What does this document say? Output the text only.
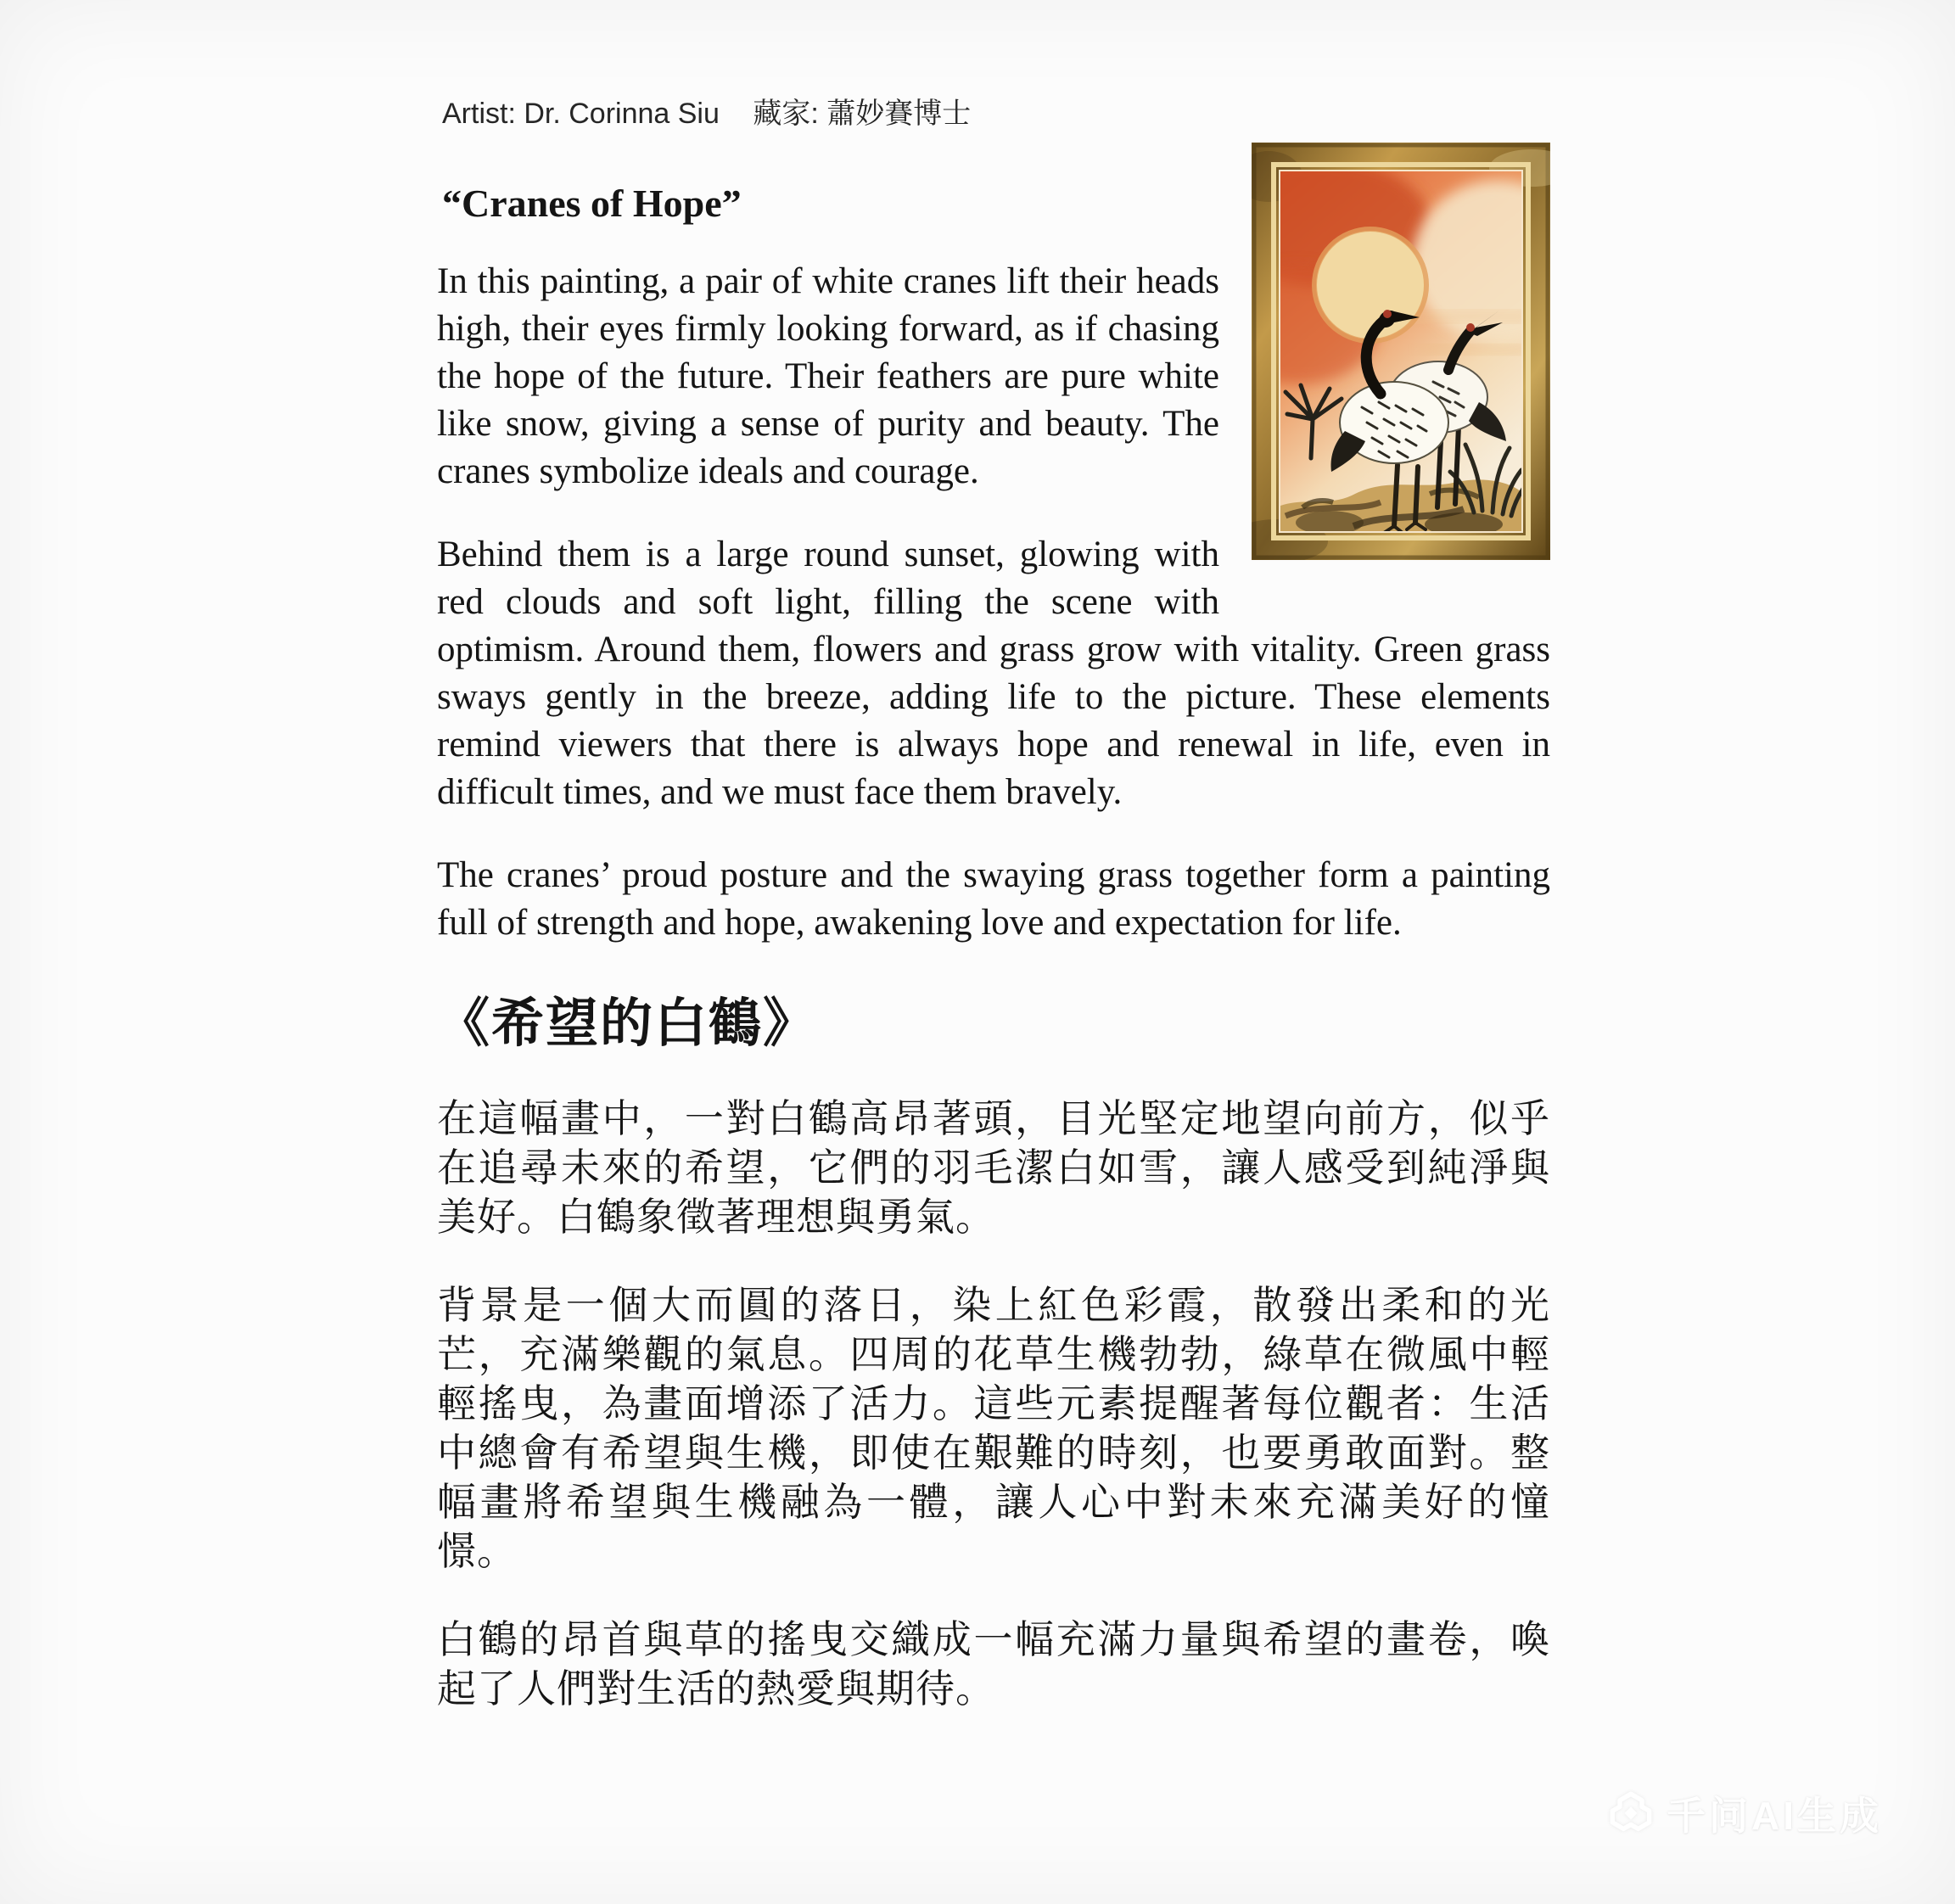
Artist: Dr. Corinna Siu 藏家: 蕭妙賽博士
“Cranes of Hope”

In this painting, a pair of white cranes lift their heads high, their eyes firmly looking forward, as if chasing the hope of the future. Their feathers are pure white like snow, giving a sense of purity and beauty. The cranes symbolize ideals and courage.

Behind them is a large round sunset, glowing with red clouds and soft light, filling the scene with optimism. Around them, flowers and grass grow with vitality. Green grass sways gently in the breeze, adding life to the picture. These elements remind viewers that there is always hope and renewal in life, even in difficult times, and we must face them bravely.

The cranes’ proud posture and the swaying grass together form a painting full of strength and hope, awakening love and expectation for life.

《希望的白鶴》

在這幅畫中，一對白鶴高昂著頭，目光堅定地望向前方，似乎在追尋未來的希望，它們的羽毛潔白如雪，讓人感受到純淨與美好。白鶴象徵著理想與勇氣。

背景是一個大而圓的落日，染上紅色彩霞，散發出柔和的光芒，充滿樂觀的氣息。四周的花草生機勃勃，綠草在微風中輕輕搖曳，為畫面增添了活力。這些元素提醒著每位觀者：生活中總會有希望與生機，即使在艱難的時刻，也要勇敢面對。整幅畫將希望與生機融為一體，讓人心中對未來充滿美好的憧憬。

白鶴的昂首與草的搖曳交織成一幅充滿力量與希望的畫卷，喚起了人們對生活的熱愛與期待。

千问AI生成
